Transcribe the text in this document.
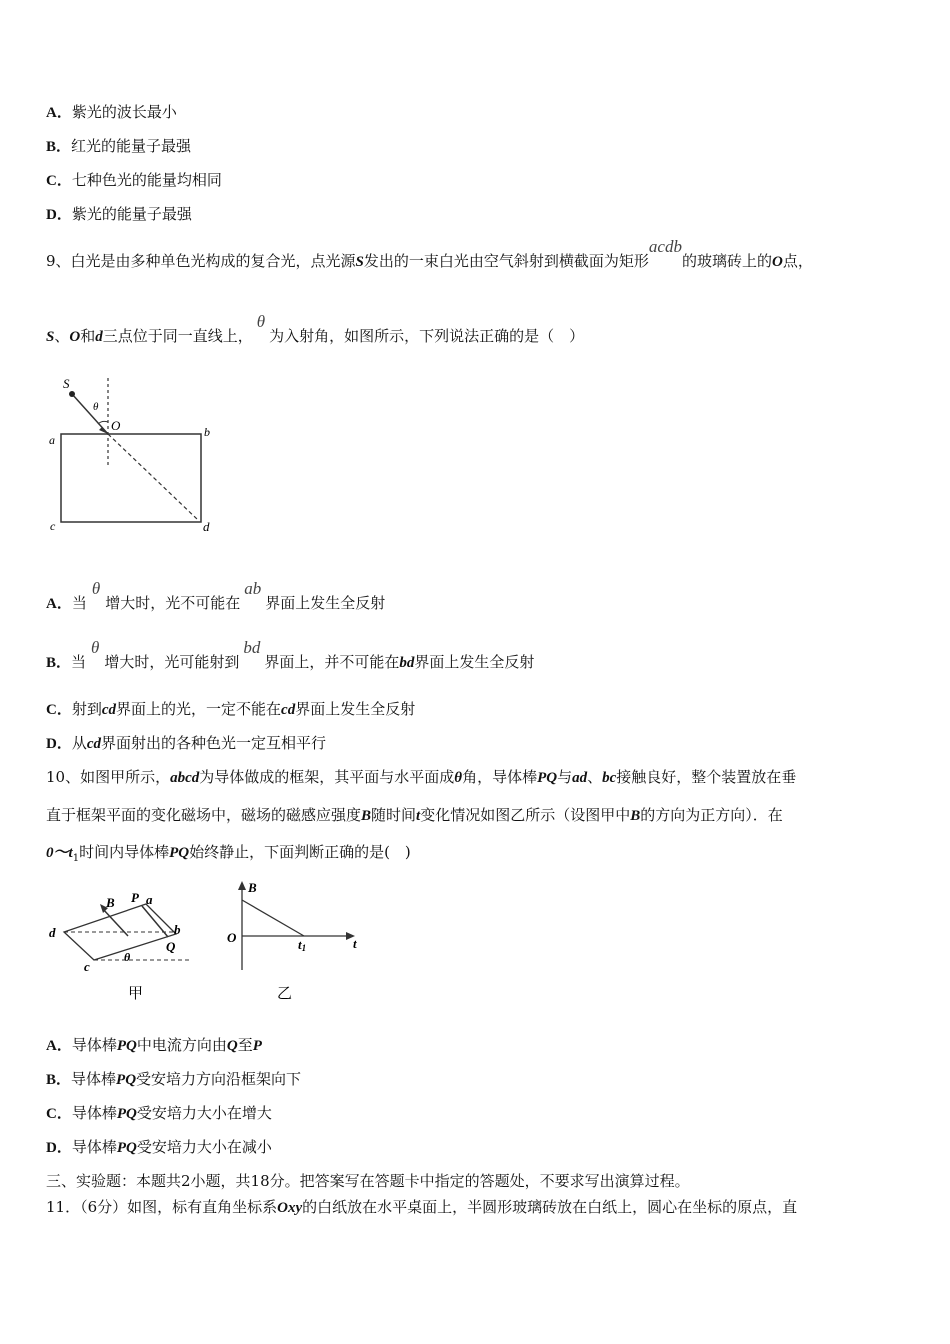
A．紫光的波长最小
B．红光的能量子最强
C．七种色光的能量均相同
D．紫光的能量子最强
9、白光是由多种单色光构成的复合光，点光源S发出的一束白光由空气斜射到横截面为矩形acdb的玻璃砖上的O点，
S、O和d三点位于同一直线上，θ为入射角，如图所示，下列说法正确的是（　）
S
θ
O
a
b
c	d
A．当θ增大时，光不可能在ab界面上发生全反射
B．当θ增大时，光可能射到bd界面上，并不可能在bd界面上发生全反射
C．射到cd界面上的光，一定不能在cd界面上发生全反射
D．从cd界面射出的各种色光一定互相平行
10、如图甲所示，abcd为导体做成的框架，其平面与水平面成θ角，导体棒PQ与ad、bc接触良好，整个装置放在垂
直于框架平面的变化磁场中，磁场的磁感应强度B随时间t变化情况如图乙所示（设图甲中B的方向为正方向）．在
$0\sim t_1$时间内导体棒PQ始终静止，下面判断正确的是(　)
B P a
d	b
Q
c
θ
甲
B
O	t1	t
乙
A．导体棒PQ中电流方向由Q至P
B．导体棒PQ受安培力方向沿框架向下
C．导体棒PQ受安培力大小在增大
D．导体棒PQ受安培力大小在减小
三、实验题：本题共2小题，共18分。把答案写在答题卡中指定的答题处，不要求写出演算过程。
11．（6分）如图，标有直角坐标系Oxy的白纸放在水平桌面上，半圆形玻璃砖放在白纸上，圆心在坐标的原点，直
